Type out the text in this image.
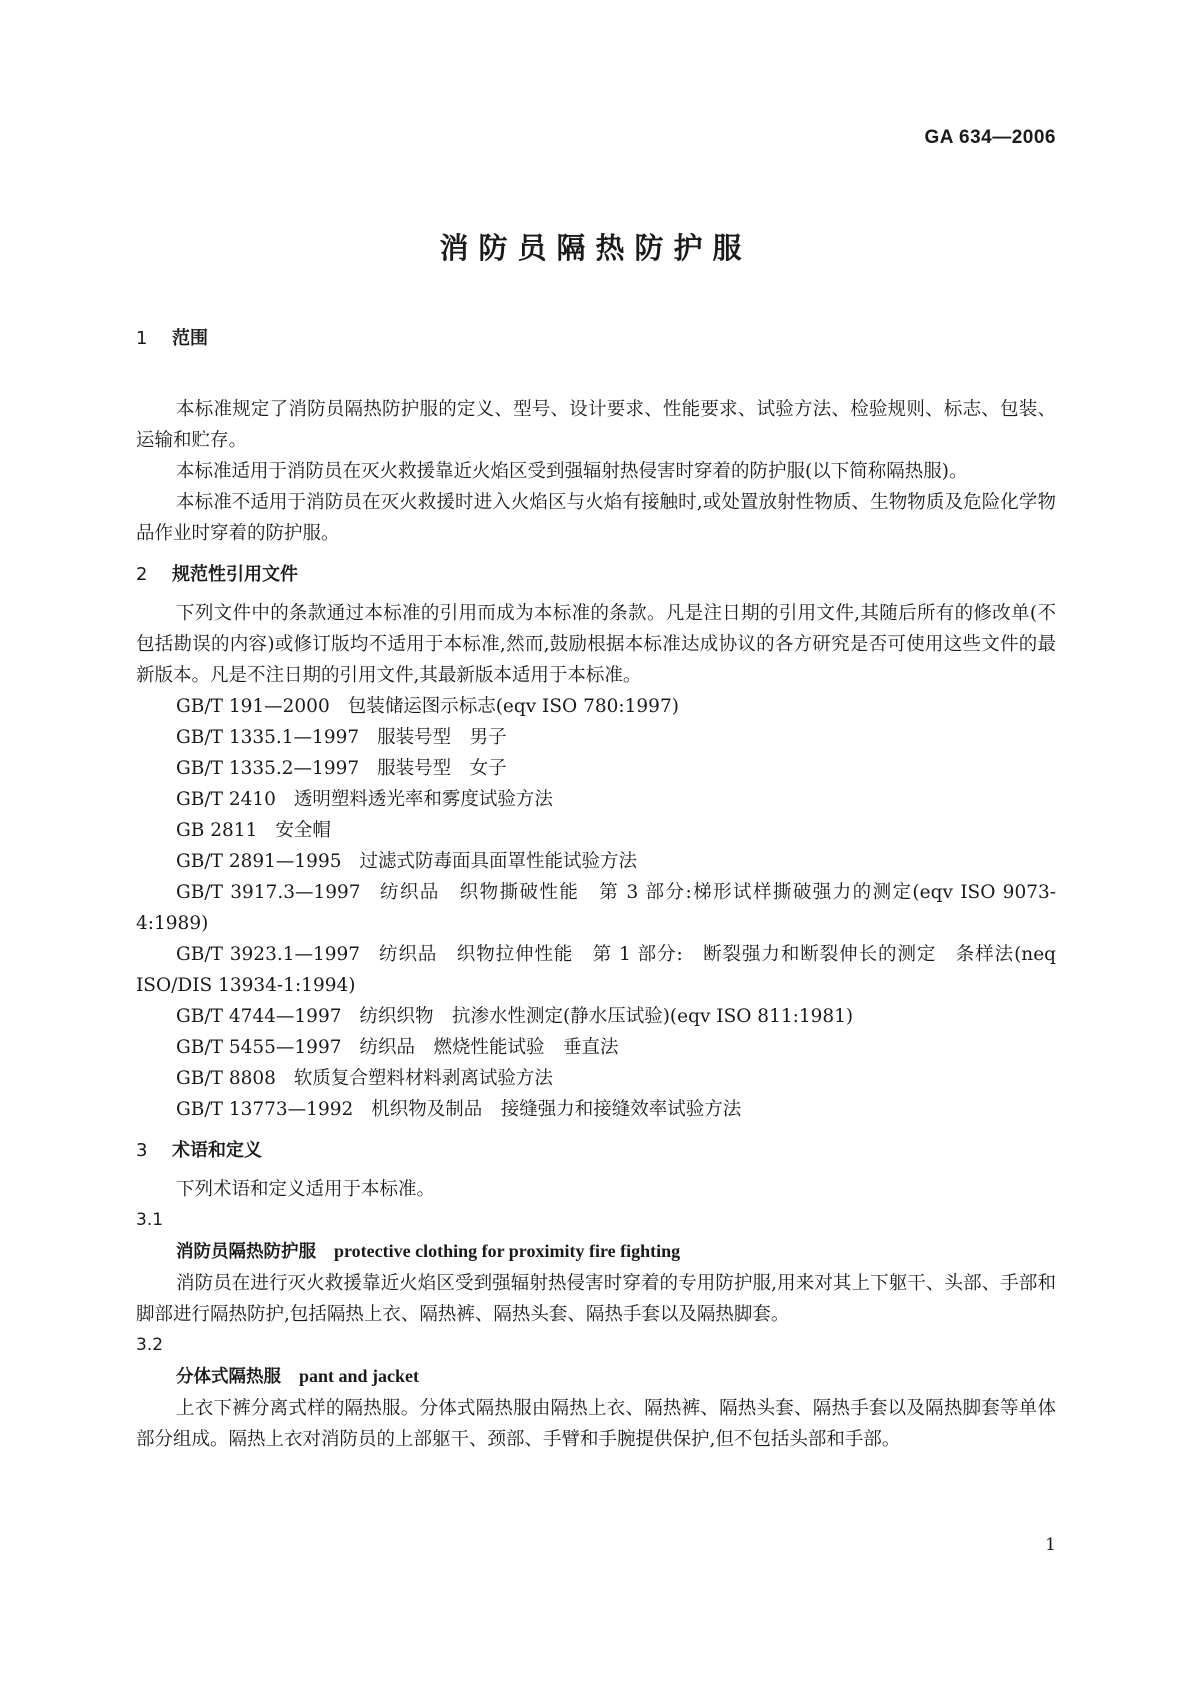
GA 634—2006
消防员隔热防护服
1 范围

本标准规定了消防员隔热防护服的定义、型号、设计要求、性能要求、试验方法、检验规则、标志、包装、运输和贮存。

本标准适用于消防员在灭火救援靠近火焰区受到强辐射热侵害时穿着的防护服(以下简称隔热服)。

本标准不适用于消防员在灭火救援时进入火焰区与火焰有接触时,或处置放射性物质、生物物质及危险化学物品作业时穿着的防护服。

2 规范性引用文件

下列文件中的条款通过本标准的引用而成为本标准的条款。凡是注日期的引用文件,其随后所有的修改单(不包括勘误的内容)或修订版均不适用于本标准,然而,鼓励根据本标准达成协议的各方研究是否可使用这些文件的最新版本。凡是不注日期的引用文件,其最新版本适用于本标准。

GB/T 191—2000 包装储运图示标志(eqv ISO 780:1997)
GB/T 1335.1—1997 服装号型　男子
GB/T 1335.2—1997 服装号型　女子
GB/T 2410 透明塑料透光率和雾度试验方法
GB 2811 安全帽
GB/T 2891—1995 过滤式防毒面具面罩性能试验方法
GB/T 3917.3—1997 纺织品　织物撕破性能　第 3 部分:梯形试样撕破强力的测定(eqv ISO 9073-4:1989)
GB/T 3923.1—1997 纺织品　织物拉伸性能　第 1 部分:　断裂强力和断裂伸长的测定　条样法(neq ISO/DIS 13934-1:1994)
GB/T 4744—1997 纺织织物　抗渗水性测定(静水压试验)(eqv ISO 811:1981)
GB/T 5455—1997 纺织品　燃烧性能试验　垂直法
GB/T 8808 软质复合塑料材料剥离试验方法
GB/T 13773—1992 机织物及制品　接缝强力和接缝效率试验方法
3 术语和定义

下列术语和定义适用于本标准。

3.1
消防员隔热防护服 protective clothing for proximity fire fighting

消防员在进行灭火救援靠近火焰区受到强辐射热侵害时穿着的专用防护服,用来对其上下躯干、头部、手部和脚部进行隔热防护,包括隔热上衣、隔热裤、隔热头套、隔热手套以及隔热脚套。

3.2
分体式隔热服 pant and jacket

上衣下裤分离式样的隔热服。分体式隔热服由隔热上衣、隔热裤、隔热头套、隔热手套以及隔热脚套等单体部分组成。隔热上衣对消防员的上部躯干、颈部、手臂和手腕提供保护,但不包括头部和手部。

1
